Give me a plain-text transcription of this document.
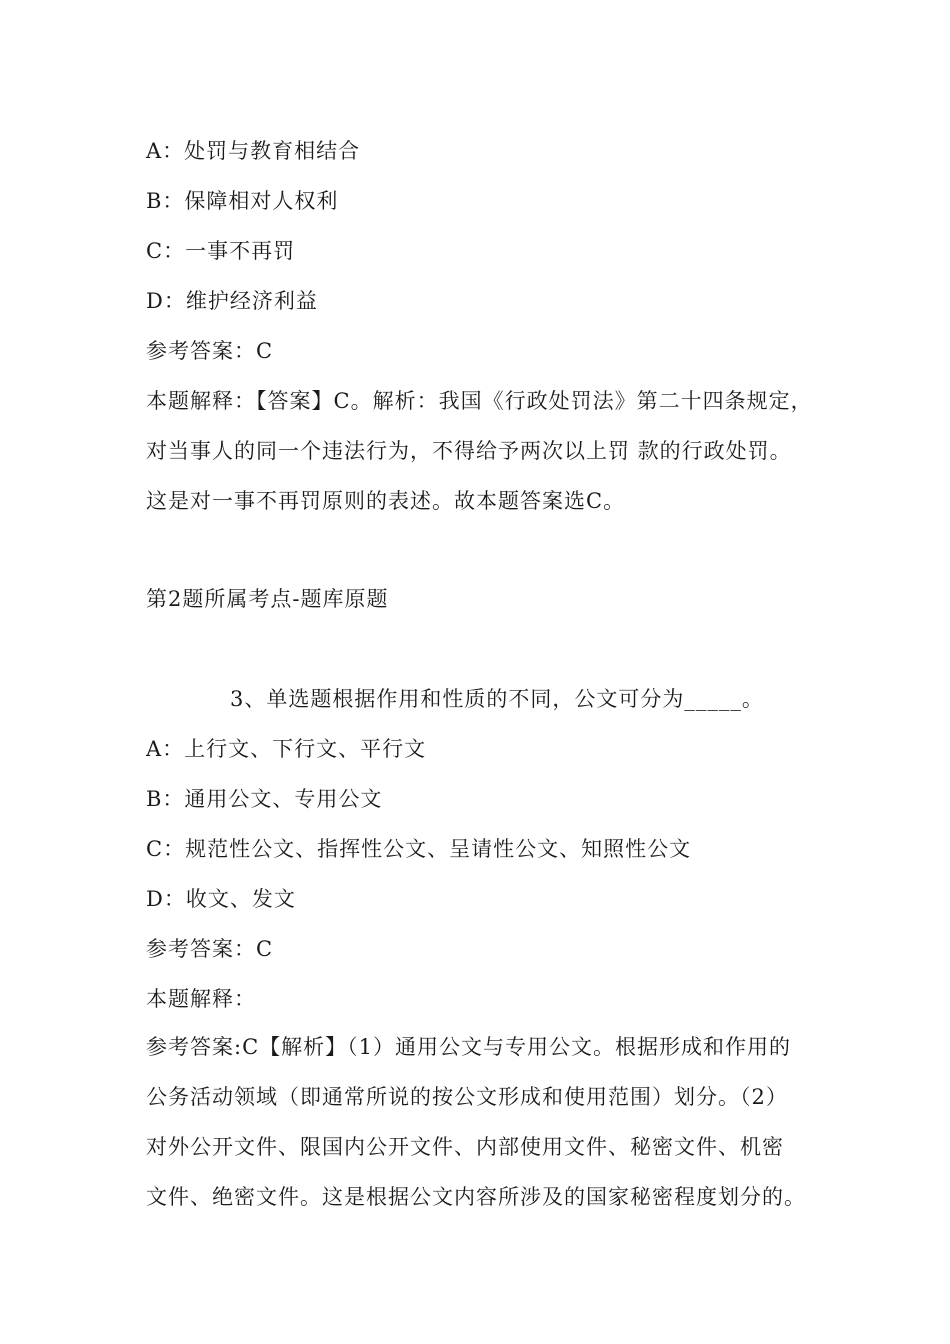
A：处罚与教育相结合
B：保障相对人权利
C：一事不再罚
D：维护经济利益
参考答案：C
本题解释：【答案】C。解析：我国《行政处罚法》第二十四条规定，
对当事人的同一个违法行为，不得给予两次以上罚 款的行政处罚。
这是对一事不再罚原则的表述。故本题答案选C。
第2题所属考点-题库原题
3、单选题根据作用和性质的不同，公文可分为_____。
A：上行文、下行文、平行文
B：通用公文、专用公文
C：规范性公文、指挥性公文、呈请性公文、知照性公文
D：收文、发文
参考答案：C
本题解释：
参考答案:C【解析】（1）通用公文与专用公文。根据形成和作用的
公务活动领域（即通常所说的按公文形成和使用范围）划分。（2）
对外公开文件、限国内公开文件、内部使用文件、秘密文件、机密
文件、绝密文件。这是根据公文内容所涉及的国家秘密程度划分的。
